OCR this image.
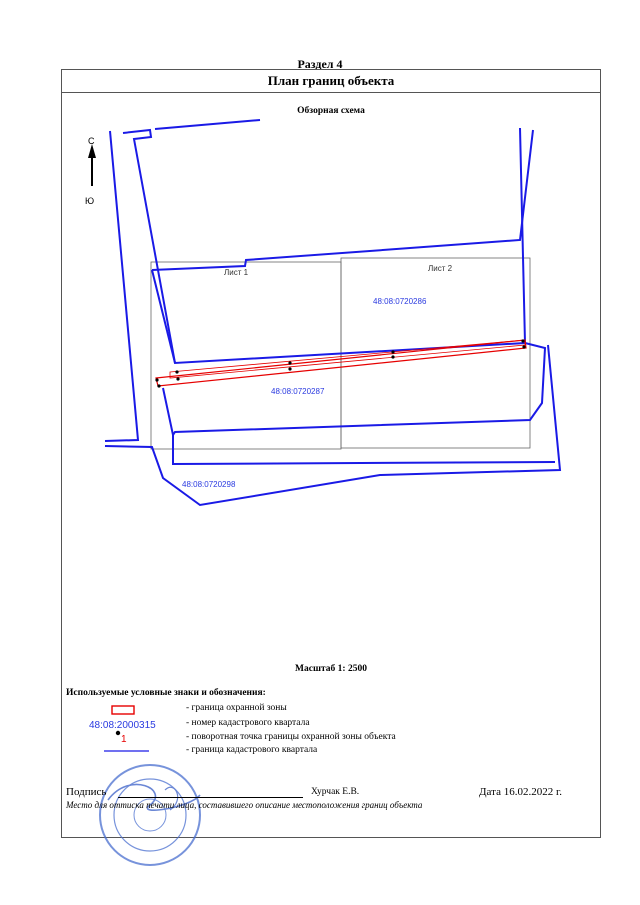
Раздел 4
План границ объекта
Обзорная схема
С
Ю
Лист 1	Лист 2
48:08:0720286
48:08:0720287
48:08:0720298
48:08:2000315
1
Масштаб 1: 2500
Используемые условные знаки и обозначения:
- граница охранной зоны
- номер кадастрового квартала
- поворотная точка границы охранной зоны объекта
- граница кадастрового квартала
Подпись	Хурчак Е.В.	Дата 16.02.2022 г.
Место для оттиска печати лица, составившего описание местоположения границ объекта
